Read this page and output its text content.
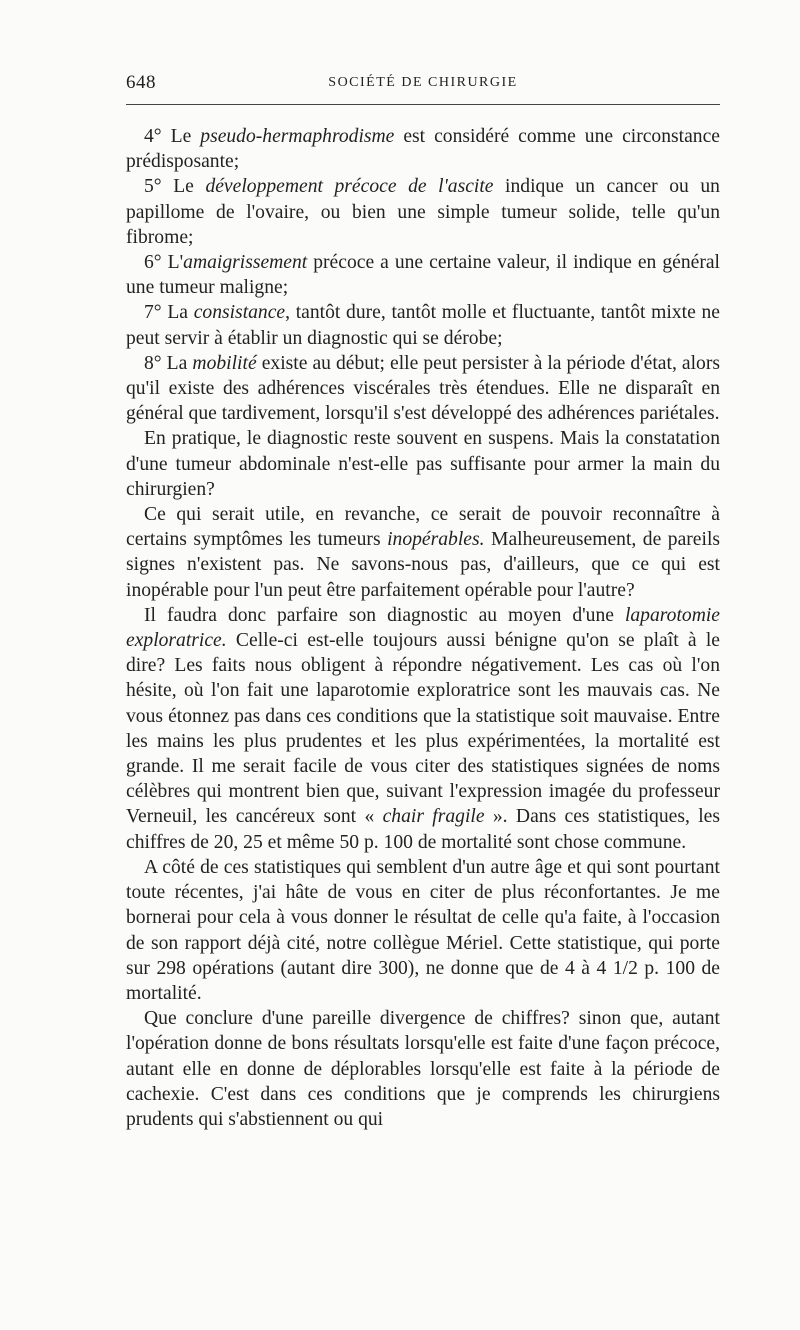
648	SOCIÉTÉ DE CHIRURGIE

4° Le pseudo-hermaphrodisme est considéré comme une circonstance prédisposante;

5° Le développement précoce de l'ascite indique un cancer ou un papillome de l'ovaire, ou bien une simple tumeur solide, telle qu'un fibrome;

6° L'amaigrissement précoce a une certaine valeur, il indique en général une tumeur maligne;

7° La consistance, tantôt dure, tantôt molle et fluctuante, tantôt mixte ne peut servir à établir un diagnostic qui se dérobe;

8° La mobilité existe au début; elle peut persister à la période d'état, alors qu'il existe des adhérences viscérales très étendues. Elle ne disparaît en général que tardivement, lorsqu'il s'est développé des adhérences pariétales.

En pratique, le diagnostic reste souvent en suspens. Mais la constatation d'une tumeur abdominale n'est-elle pas suffisante pour armer la main du chirurgien?

Ce qui serait utile, en revanche, ce serait de pouvoir reconnaître à certains symptômes les tumeurs inopérables. Malheureusement, de pareils signes n'existent pas. Ne savons-nous pas, d'ailleurs, que ce qui est inopérable pour l'un peut être parfaitement opérable pour l'autre?

Il faudra donc parfaire son diagnostic au moyen d'une laparotomie exploratrice. Celle-ci est-elle toujours aussi bénigne qu'on se plaît à le dire? Les faits nous obligent à répondre négativement. Les cas où l'on hésite, où l'on fait une laparotomie exploratrice sont les mauvais cas. Ne vous étonnez pas dans ces conditions que la statistique soit mauvaise. Entre les mains les plus prudentes et les plus expérimentées, la mortalité est grande. Il me serait facile de vous citer des statistiques signées de noms célèbres qui montrent bien que, suivant l'expression imagée du professeur Verneuil, les cancéreux sont « chair fragile ». Dans ces statistiques, les chiffres de 20, 25 et même 50 p. 100 de mortalité sont chose commune.

A côté de ces statistiques qui semblent d'un autre âge et qui sont pourtant toute récentes, j'ai hâte de vous en citer de plus réconfortantes. Je me bornerai pour cela à vous donner le résultat de celle qu'a faite, à l'occasion de son rapport déjà cité, notre collègue Mériel. Cette statistique, qui porte sur 298 opérations (autant dire 300), ne donne que de 4 à 4 1/2 p. 100 de mortalité.

Que conclure d'une pareille divergence de chiffres? sinon que, autant l'opération donne de bons résultats lorsqu'elle est faite d'une façon précoce, autant elle en donne de déplorables lorsqu'elle est faite à la période de cachexie. C'est dans ces conditions que je comprends les chirurgiens prudents qui s'abstiennent ou qui
